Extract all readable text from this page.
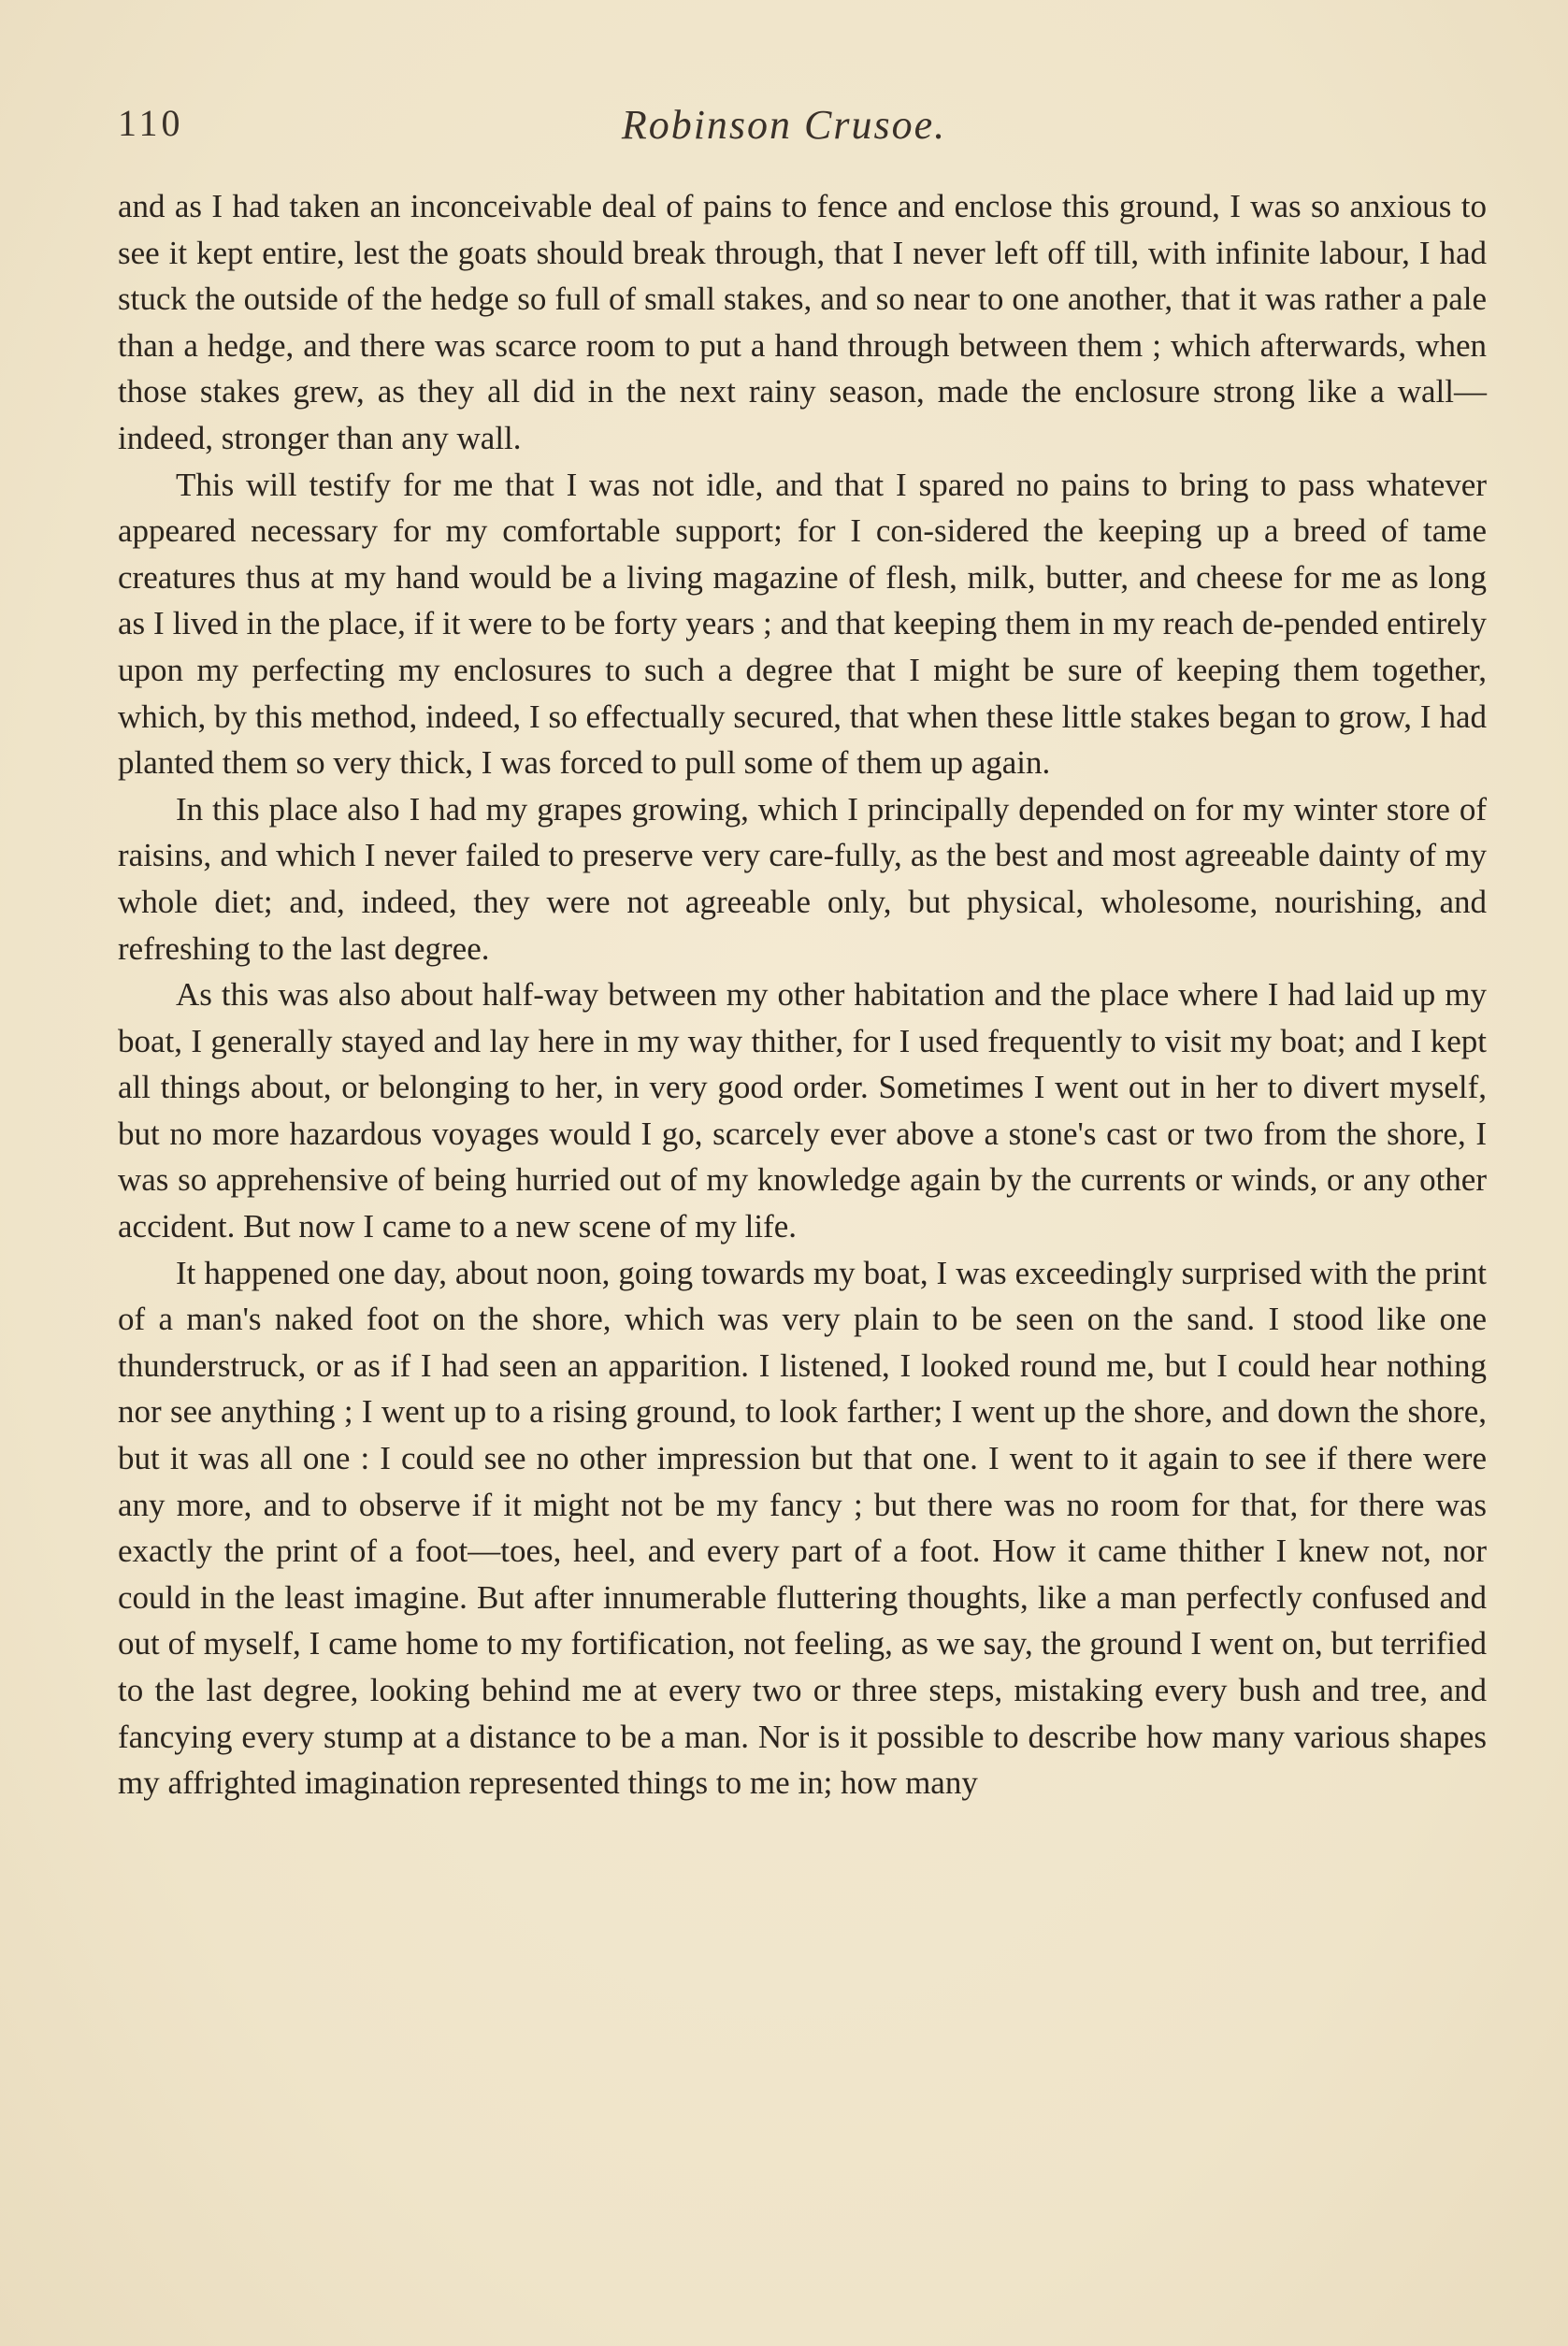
110	Robinson Crusoe.

and as I had taken an inconceivable deal of pains to fence and enclose this ground, I was so anxious to see it kept entire, lest the goats should break through, that I never left off till, with infinite labour, I had stuck the outside of the hedge so full of small stakes, and so near to one another, that it was rather a pale than a hedge, and there was scarce room to put a hand through between them ; which afterwards, when those stakes grew, as they all did in the next rainy season, made the enclosure strong like a wall—indeed, stronger than any wall.

This will testify for me that I was not idle, and that I spared no pains to bring to pass whatever appeared necessary for my comfortable support; for I con-sidered the keeping up a breed of tame creatures thus at my hand would be a living magazine of flesh, milk, butter, and cheese for me as long as I lived in the place, if it were to be forty years ; and that keeping them in my reach de-pended entirely upon my perfecting my enclosures to such a degree that I might be sure of keeping them together, which, by this method, indeed, I so effectually secured, that when these little stakes began to grow, I had planted them so very thick, I was forced to pull some of them up again.

In this place also I had my grapes growing, which I principally depended on for my winter store of raisins, and which I never failed to preserve very care-fully, as the best and most agreeable dainty of my whole diet; and, indeed, they were not agreeable only, but physical, wholesome, nourishing, and refreshing to the last degree.

As this was also about half-way between my other habitation and the place where I had laid up my boat, I generally stayed and lay here in my way thither, for I used frequently to visit my boat; and I kept all things about, or belonging to her, in very good order. Sometimes I went out in her to divert myself, but no more hazardous voyages would I go, scarcely ever above a stone's cast or two from the shore, I was so apprehensive of being hurried out of my knowledge again by the currents or winds, or any other accident. But now I came to a new scene of my life.

It happened one day, about noon, going towards my boat, I was exceedingly surprised with the print of a man's naked foot on the shore, which was very plain to be seen on the sand. I stood like one thunderstruck, or as if I had seen an apparition. I listened, I looked round me, but I could hear nothing nor see anything ; I went up to a rising ground, to look farther; I went up the shore, and down the shore, but it was all one : I could see no other impression but that one. I went to it again to see if there were any more, and to observe if it might not be my fancy ; but there was no room for that, for there was exactly the print of a foot—toes, heel, and every part of a foot. How it came thither I knew not, nor could in the least imagine. But after innumerable fluttering thoughts, like a man perfectly confused and out of myself, I came home to my fortification, not feeling, as we say, the ground I went on, but terrified to the last degree, looking behind me at every two or three steps, mistaking every bush and tree, and fancying every stump at a distance to be a man. Nor is it possible to describe how many various shapes my affrighted imagination represented things to me in; how many
